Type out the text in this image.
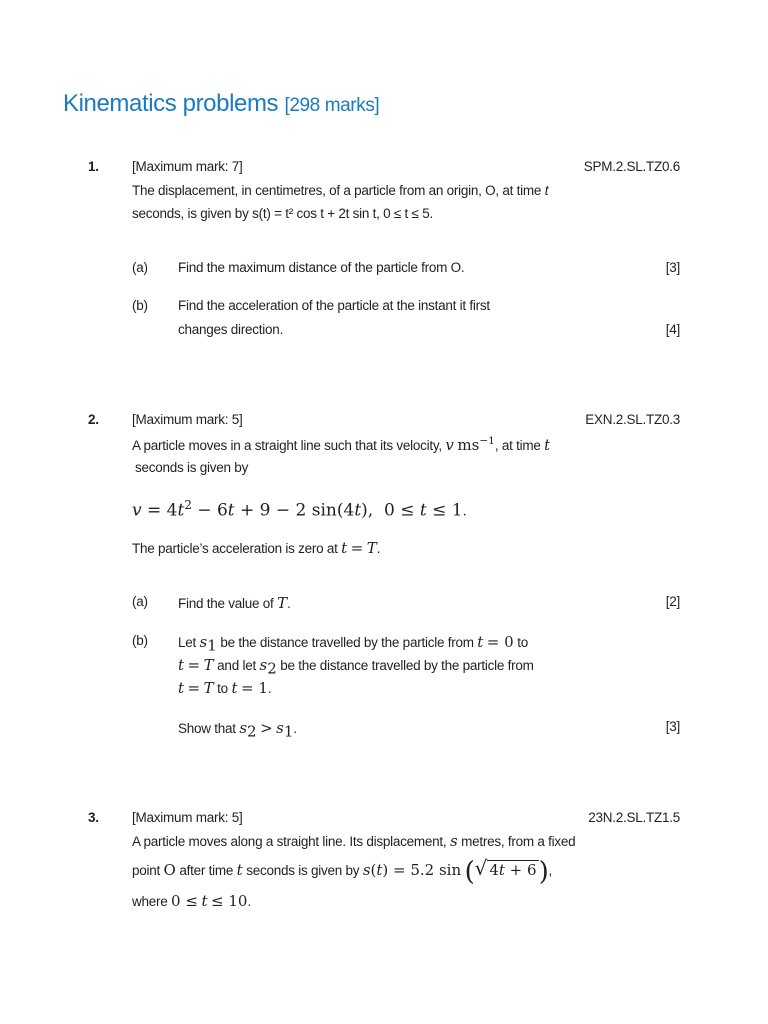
Kinematics problems [298 marks]
1. [Maximum mark: 7]	SPM.2.SL.TZ0.6
The displacement, in centimetres, of a particle from an origin, O, at time t
seconds, is given by s(t) = t² cos t + 2t sin t, 0 ≤ t ≤ 5.
(a) Find the maximum distance of the particle from O.	[3]
(b) Find the acceleration of the particle at the instant it first
changes direction.	[4]
2. [Maximum mark: 5]	EXN.2.SL.TZ0.3
A particle moves in a straight line such that its velocity, v $ms^{-1}$, at time t
seconds is given by
$v = 4t^2 - 6t + 9 - 2$ sin(4t),  0 ≤ t ≤ 1.
The particle’s acceleration is zero at t = T.
(a) Find the value of T.	[2]
(b) Let $s_1$ be the distance travelled by the particle from t = 0 to
t = T and let $s_2$ be the distance travelled by the particle from
t = T to t = 1.
Show that $s_2 > s_1$.	[3]
3. [Maximum mark: 5]	23N.2.SL.TZ1.5
A particle moves along a straight line. Its displacement, s metres, from a fixed
point O after time t seconds is given by s(t) = 5.2 sin (√ 4t + 6),
where 0 ≤ t ≤ 10.
